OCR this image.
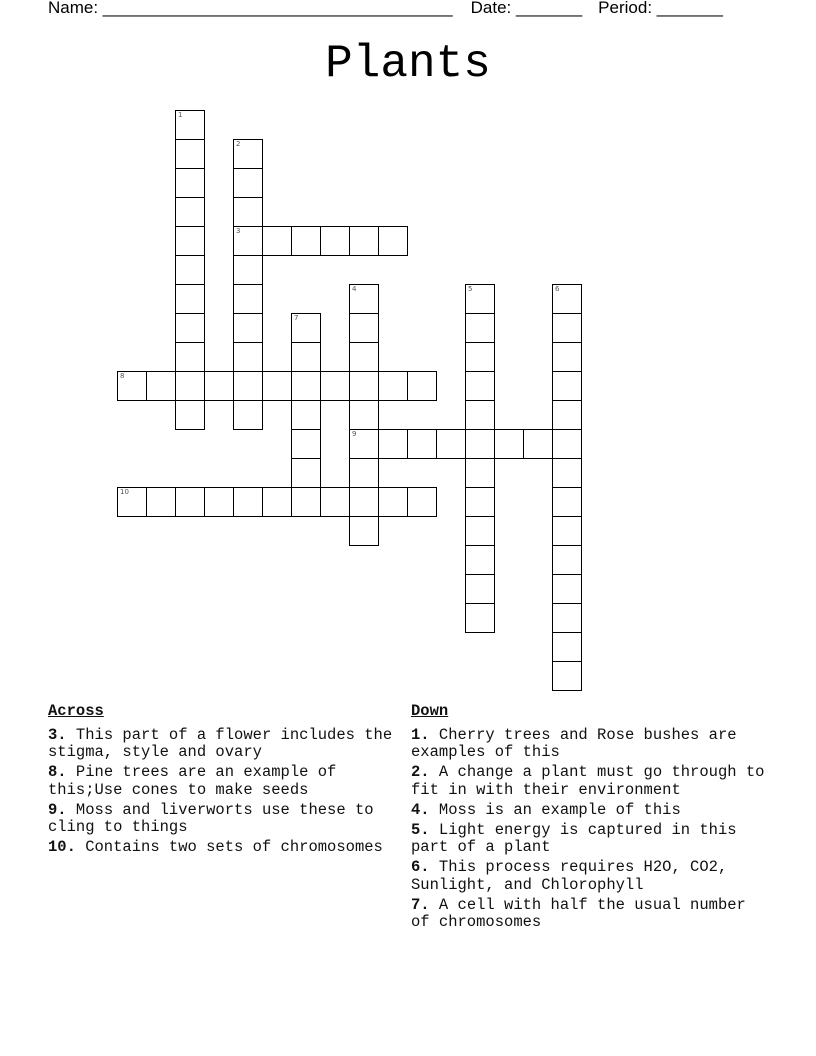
Name: _____________________________________ Date: _______ Period: _______
Plants
1
2
3
4
9
5	6
7
8
10
Across
3. This part of a flower includes the stigma, style and ovary
8. Pine trees are an example of this;Use cones to make seeds
9. Moss and liverworts use these to cling to things
10. Contains two sets of chromosomes
Down
1. Cherry trees and Rose bushes are examples of this
2. A change a plant must go through to fit in with their environment
4. Moss is an example of this
5. Light energy is captured in this part of a plant
6. This process requires H2O, CO2, Sunlight, and Chlorophyll
7. A cell with half the usual number of chromosomes
